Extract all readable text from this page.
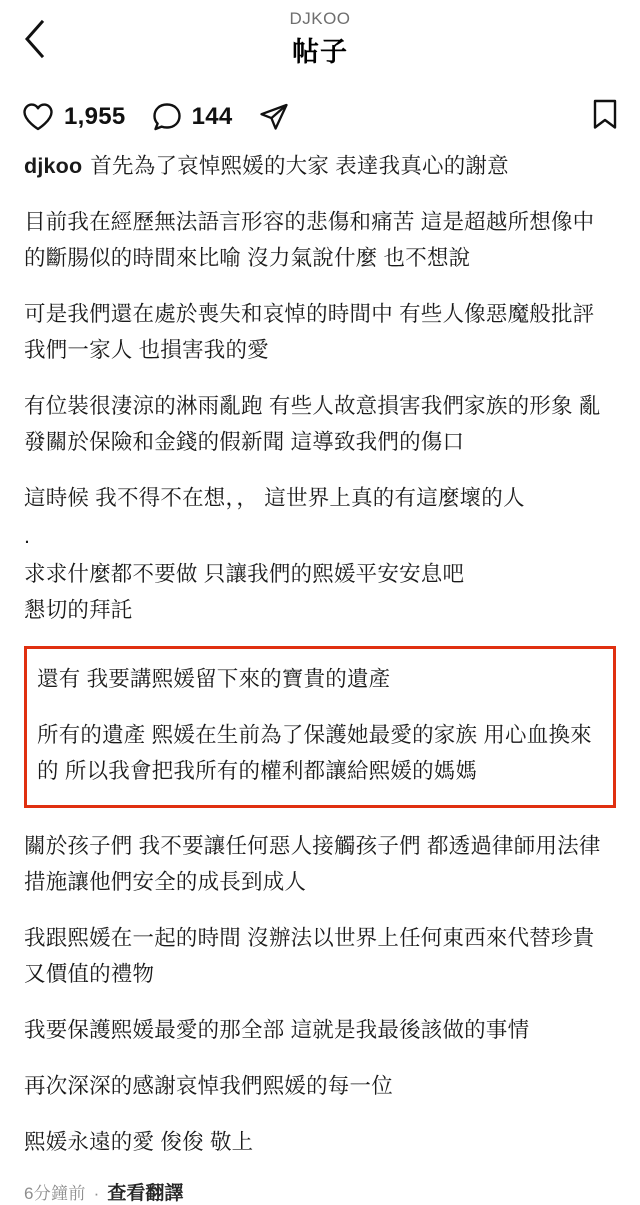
DJKOO
帖子
1,955	144
djkoo 首先為了哀悼熙媛的大家 表達我真心的謝意
目前我在經歷無法語言形容的悲傷和痛苦 這是超越所想像中的斷腸似的時間來比喻 沒力氣說什麼 也不想說
可是我們還在處於喪失和哀悼的時間中 有些人像惡魔般批評我們一家人 也損害我的愛
有位裝很淒涼的淋雨亂跑 有些人故意損害我們家族的形象 亂發關於保險和金錢的假新聞 這導致我們的傷口
這時候 我不得不在想，， 這世界上真的有這麼壞的人
.
求求什麼都不要做 只讓我們的熙媛平安安息吧
懇切的拜託
還有 我要講熙媛留下來的寶貴的遺產
所有的遺產 熙媛在生前為了保護她最愛的家族 用心血換來的 所以我會把我所有的權利都讓給熙媛的媽媽
關於孩子們 我不要讓任何惡人接觸孩子們 都透過律師用法律措施讓他們安全的成長到成人
我跟熙媛在一起的時間 沒辦法以世界上任何東西來代替珍貴又價值的禮物
我要保護熙媛最愛的那全部 這就是我最後該做的事情
再次深深的感謝哀悼我們熙媛的每一位
熙媛永遠的愛 俊俊 敬上
6分鐘前 · 查看翻譯
